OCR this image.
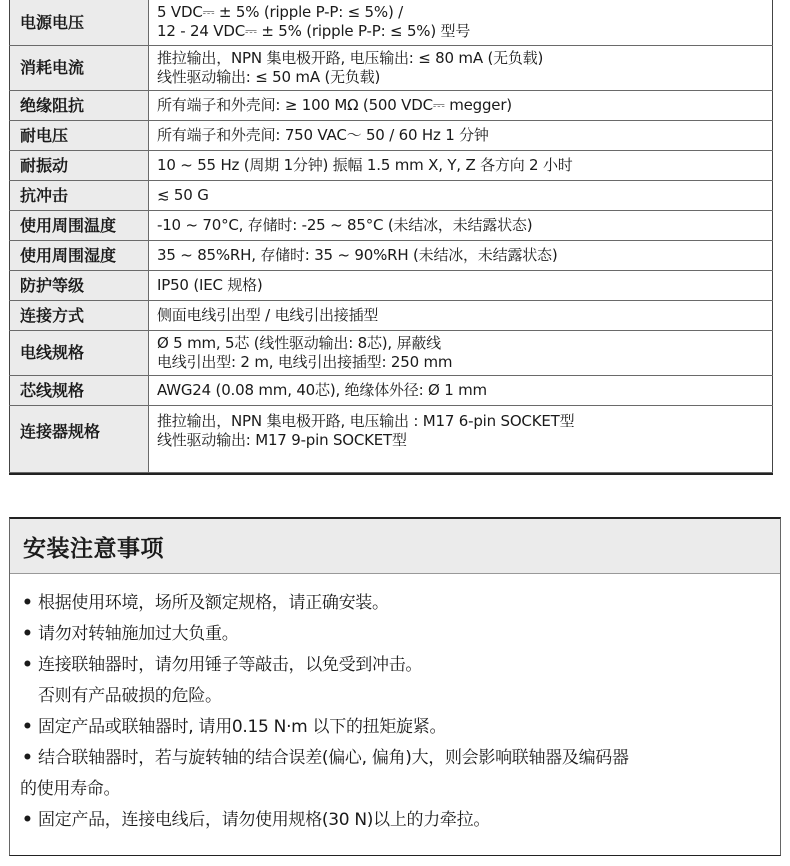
电源电压	5 VDC⎓ ± 5% (ripple P-P: ≤ 5%) /
12 - 24 VDC⎓ ± 5% (ripple P-P: ≤ 5%) 型号

消耗电流	推拉输出，NPN 集电极开路, 电压输出: ≤ 80 mA (无负载)
线性驱动输出: ≤ 50 mA (无负载)

绝缘阻抗	所有端子和外壳间: ≥ 100 MΩ (500 VDC⎓ megger)

耐电压	所有端子和外壳间: 750 VAC～ 50 / 60 Hz 1 分钟

耐振动	10 ~ 55 Hz (周期 1分钟) 振幅 1.5 mm X, Y, Z 各方向 2 小时

抗冲击	≲ 50 G

使用周围温度	-10 ~ 70°C, 存储时: -25 ~ 85°C (未结冰，未结露状态)

使用周围湿度	35 ~ 85%RH, 存储时: 35 ~ 90%RH (未结冰，未结露状态)

防护等级	IP50 (IEC 规格)

连接方式	侧面电线引出型 / 电线引出接插型

电线规格	Ø 5 mm, 5芯 (线性驱动输出: 8芯), 屏蔽线
电线引出型: 2 m, 电线引出接插型: 250 mm

芯线规格	AWG24 (0.08 mm, 40芯), 绝缘体外径: Ø 1 mm

连接器规格	推拉输出，NPN 集电极开路, 电压输出 : M17 6-pin SOCKET型
线性驱动输出: M17 9-pin SOCKET型
安装注意事项
• 根据使用环境，场所及额定规格，请正确安装。
• 请勿对转轴施加过大负重。
• 连接联轴器时，请勿用锤子等敲击，以免受到冲击。
否则有产品破损的危险。
• 固定产品或联轴器时, 请用0.15 N·m 以下的扭矩旋紧。
• 结合联轴器时，若与旋转轴的结合误差(偏心, 偏角)大，则会影响联轴器及编码器
的使用寿命。
• 固定产品，连接电线后，请勿使用规格(30 N)以上的力牵拉。
